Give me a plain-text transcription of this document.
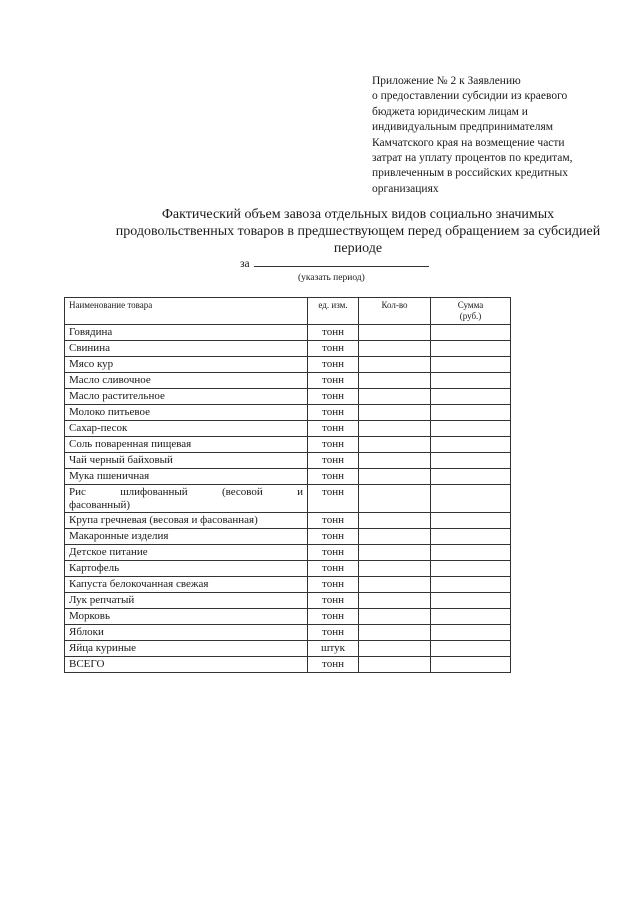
Приложение № 2 к Заявлению
о предоставлении субсидии из краевого
бюджета юридическим лицам и
индивидуальным предпринимателям
Камчатского края на возмещение части
затрат на уплату процентов по кредитам,
привлеченным в российских кредитных
организациях
Фактический объем завоза отдельных видов социально значимых
продовольственных товаров в предшествующем перед обращением за субсидией
периоде
за
(указать период)
Наименование товара	ед. изм.	Кол-во	Сумма
(руб.)

Говядина	тонн		
Свинина	тонн		
Мясо кур	тонн		
Масло сливочное	тонн		
Масло растительное	тонн		
Молоко питьевое	тонн		
Сахар-песок	тонн		
Соль поваренная пищевая	тонн		
Чай черный байховый	тонн		
Мука пшеничная	тонн		

Рис шлифованный (весовой и
фасованный)	тонн		
Крупа гречневая (весовая и фасованная)	тонн		
Макаронные изделия	тонн		
Детское питание	тонн		
Картофель	тонн		
Капуста белокочанная свежая	тонн		
Лук репчатый	тонн		
Морковь	тонн		
Яблоки	тонн		
Яйца куриные	штук		
ВСЕГО	тонн		
